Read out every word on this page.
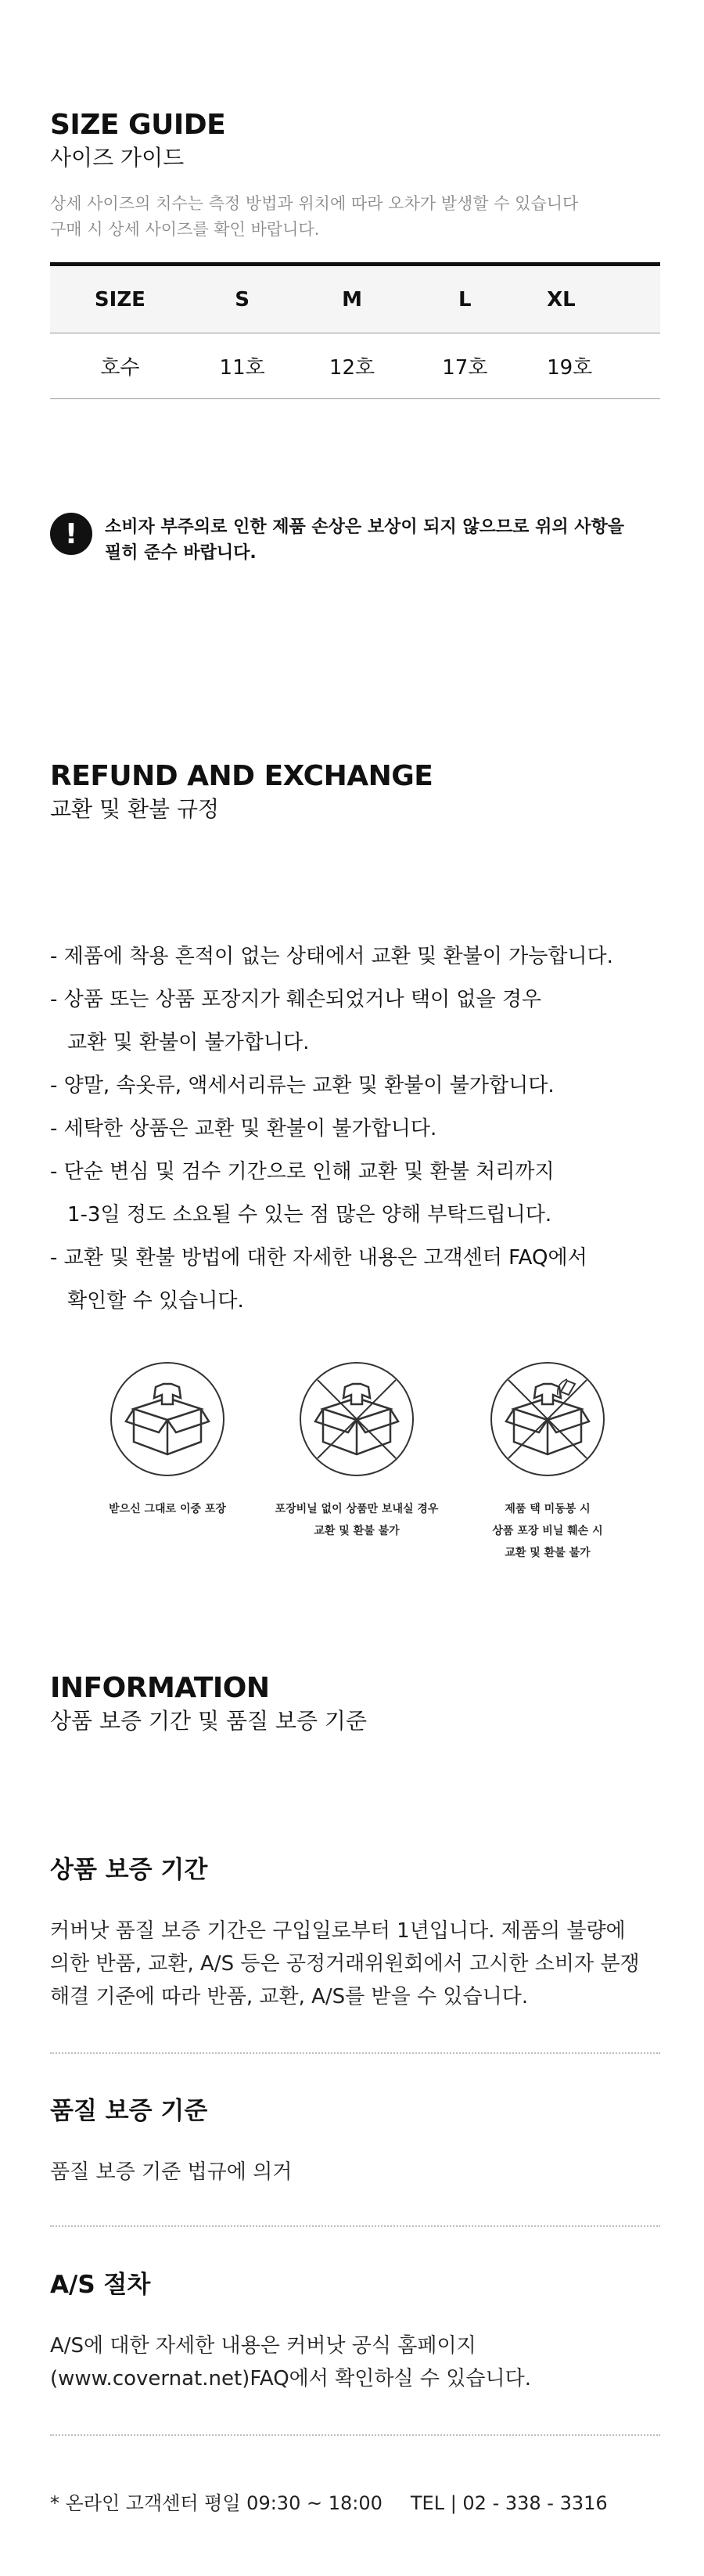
SIZE GUIDE
사이즈 가이드
상세 사이즈의 치수는 측정 방법과 위치에 따라 오차가 발생할 수 있습니다
구매 시 상세 사이즈를 확인 바랍니다.
SIZE	S	M	L	XL
호수	11호	12호	17호	19호
!	소비자 부주의로 인한 제품 손상은 보상이 되지 않으므로 위의 사항을
필히 준수 바랍니다.
REFUND AND EXCHANGE
교환 및 환불 규정
- 제품에 착용 흔적이 없는 상태에서 교환 및 환불이 가능합니다.
- 상품 또는 상품 포장지가 훼손되었거나 택이 없을 경우
교환 및 환불이 불가합니다.
- 양말, 속옷류, 액세서리류는 교환 및 환불이 불가합니다.
- 세탁한 상품은 교환 및 환불이 불가합니다.
- 단순 변심 및 검수 기간으로 인해 교환 및 환불 처리까지
1-3일 정도 소요될 수 있는 점 많은 양해 부탁드립니다.
- 교환 및 환불 방법에 대한 자세한 내용은 고객센터 FAQ에서
확인할 수 있습니다.
받으신 그대로 이중 포장	포장비닐 없이 상품만 보내실 경우
교환 및 환불 불가
제품 택 미동봉 시
상품 포장 비닐 훼손 시
교환 및 환불 불가
INFORMATION
상품 보증 기간 및 품질 보증 기준
상품 보증 기간
커버낫 품질 보증 기간은 구입일로부터 1년입니다. 제품의 불량에
의한 반품, 교환, A/S 등은 공정거래위원회에서 고시한 소비자 분쟁
해결 기준에 따라 반품, 교환, A/S를 받을 수 있습니다.
품질 보증 기준
품질 보증 기준 법규에 의거
A/S 절차
A/S에 대한 자세한 내용은 커버낫 공식 홈페이지
(www.covernat.net)FAQ에서 확인하실 수 있습니다.
* 온라인 고객센터 평일 09:30 ~ 18:00 TEL | 02 - 338 - 3316
